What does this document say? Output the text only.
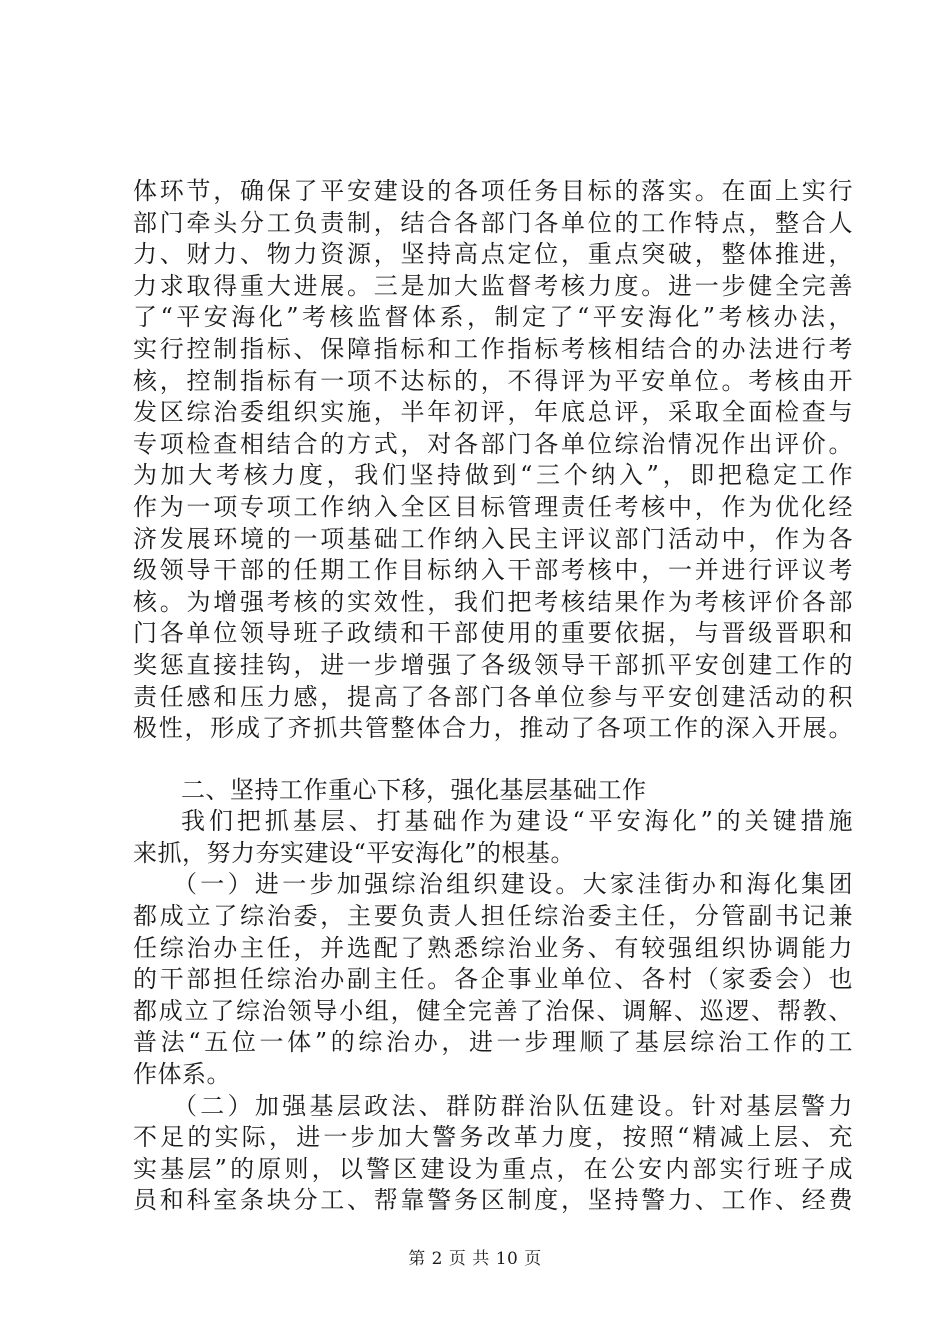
体环节，确保了平安建设的各项任务目标的落实。在面上实行
部门牵头分工负责制，结合各部门各单位的工作特点，整合人
力、财力、物力资源，坚持高点定位，重点突破，整体推进，
力求取得重大进展。三是加大监督考核力度。进一步健全完善
了“平安海化”考核监督体系，制定了“平安海化”考核办法，
实行控制指标、保障指标和工作指标考核相结合的办法进行考
核，控制指标有一项不达标的，不得评为平安单位。考核由开
发区综治委组织实施，半年初评，年底总评，采取全面检查与
专项检查相结合的方式，对各部门各单位综治情况作出评价。
为加大考核力度，我们坚持做到“三个纳入”，即把稳定工作
作为一项专项工作纳入全区目标管理责任考核中，作为优化经
济发展环境的一项基础工作纳入民主评议部门活动中，作为各
级领导干部的任期工作目标纳入干部考核中，一并进行评议考
核。为增强考核的实效性，我们把考核结果作为考核评价各部
门各单位领导班子政绩和干部使用的重要依据，与晋级晋职和
奖惩直接挂钩，进一步增强了各级领导干部抓平安创建工作的
责任感和压力感，提高了各部门各单位参与平安创建活动的积
极性，形成了齐抓共管整体合力，推动了各项工作的深入开展。
二、坚持工作重心下移，强化基层基础工作
我们把抓基层、打基础作为建设“平安海化”的关键措施
来抓，努力夯实建设“平安海化”的根基。
（一）进一步加强综治组织建设。大家洼街办和海化集团
都成立了综治委，主要负责人担任综治委主任，分管副书记兼
任综治办主任，并选配了熟悉综治业务、有较强组织协调能力
的干部担任综治办副主任。各企事业单位、各村（家委会）也
都成立了综治领导小组，健全完善了治保、调解、巡逻、帮教、
普法“五位一体”的综治办，进一步理顺了基层综治工作的工
作体系。
（二）加强基层政法、群防群治队伍建设。针对基层警力
不足的实际，进一步加大警务改革力度，按照“精减上层、充
实基层”的原则，以警区建设为重点，在公安内部实行班子成
员和科室条块分工、帮靠警务区制度，坚持警力、工作、经费
第 2 页 共 10 页
